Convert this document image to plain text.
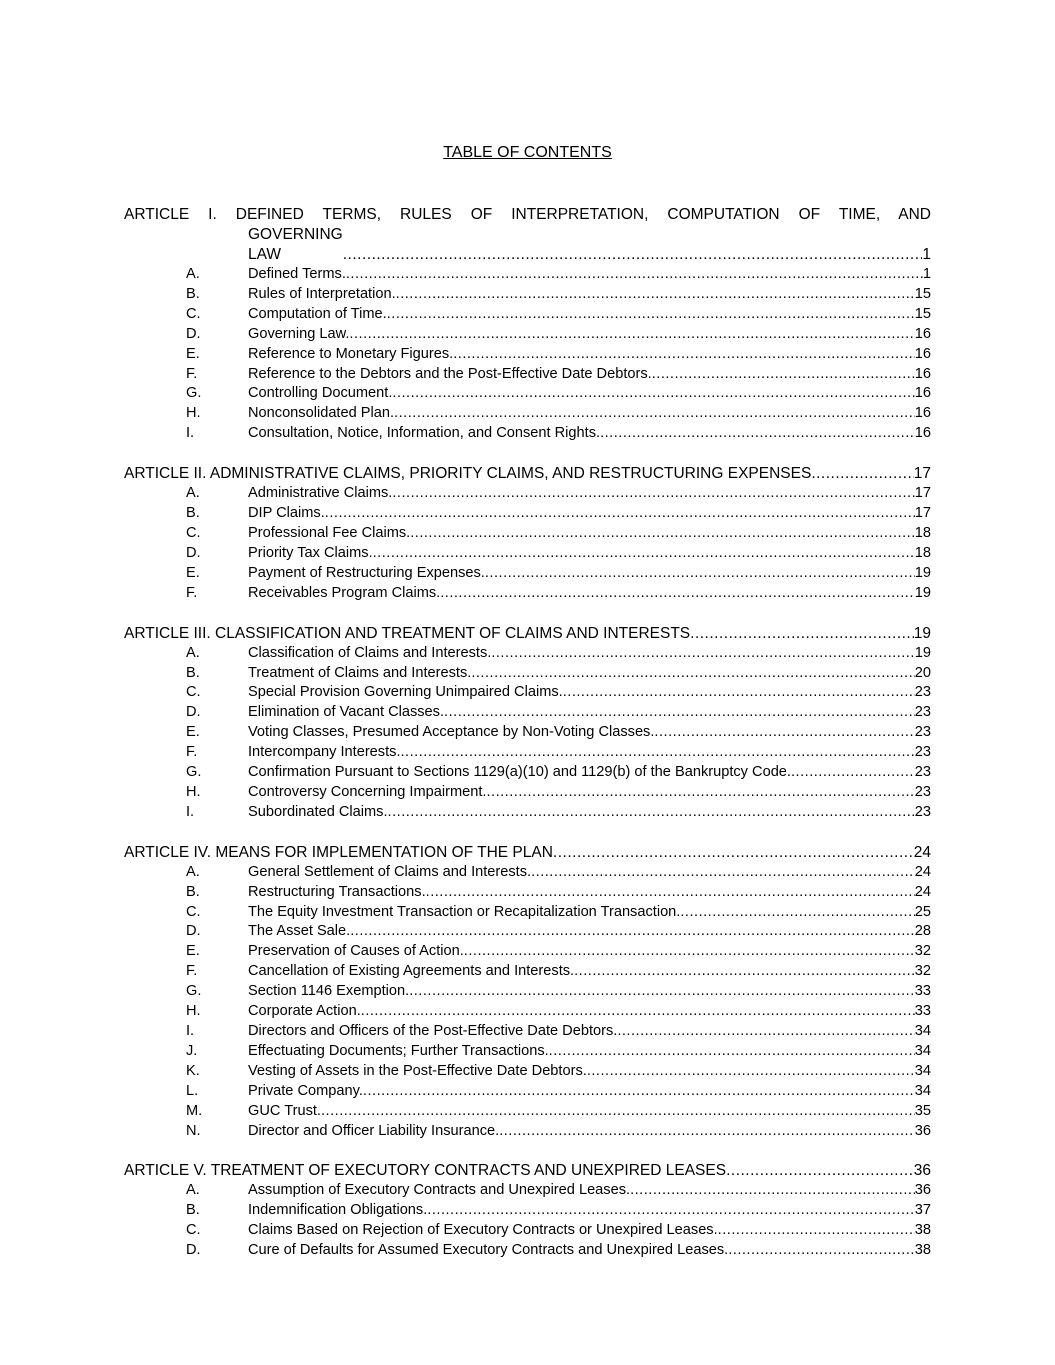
TABLE OF CONTENTS
ARTICLE I. DEFINED TERMS, RULES OF INTERPRETATION, COMPUTATION OF TIME, AND
GOVERNING LAW .....	1
A.	Defined Terms. .....	1
B.	Rules of Interpretation. .....	15
C.	Computation of Time. .....	15
D.	Governing Law. .....	16
E.	Reference to Monetary Figures. .....	16
F.	Reference to the Debtors and the Post-Effective Date Debtors. .....	16
G.	Controlling Document. .....	16
H.	Nonconsolidated Plan. .....	16
I.	Consultation, Notice, Information, and Consent Rights. .....	16
ARTICLE II. ADMINISTRATIVE CLAIMS, PRIORITY CLAIMS, AND RESTRUCTURING EXPENSES .....	17
A.	Administrative Claims. .....	17
B.	DIP Claims. .....	17
C.	Professional Fee Claims. .....	18
D.	Priority Tax Claims. .....	18
E.	Payment of Restructuring Expenses. .....	19
F.	Receivables Program Claims. .....	19
ARTICLE III. CLASSIFICATION AND TREATMENT OF CLAIMS AND INTERESTS .....	19
A.	Classification of Claims and Interests. .....	19
B.	Treatment of Claims and Interests. .....	20
C.	Special Provision Governing Unimpaired Claims. .....	23
D.	Elimination of Vacant Classes. .....	23
E.	Voting Classes, Presumed Acceptance by Non-Voting Classes. .....	23
F.	Intercompany Interests. .....	23
G.	Confirmation Pursuant to Sections 1129(a)(10) and 1129(b) of the Bankruptcy Code. .....	23
H.	Controversy Concerning Impairment. .....	23
I.	Subordinated Claims. .....	23
ARTICLE IV. MEANS FOR IMPLEMENTATION OF THE PLAN .....	24
A.	General Settlement of Claims and Interests. .....	24
B.	Restructuring Transactions. .....	24
C.	The Equity Investment Transaction or Recapitalization Transaction. .....	25
D.	The Asset Sale. .....	28
E.	Preservation of Causes of Action. .....	32
F.	Cancellation of Existing Agreements and Interests. .....	32
G.	Section 1146 Exemption. .....	33
H.	Corporate Action. .....	33
I.	Directors and Officers of the Post-Effective Date Debtors. .....	34
J.	Effectuating Documents; Further Transactions. .....	34
K.	Vesting of Assets in the Post-Effective Date Debtors. .....	34
L.	Private Company. .....	34
M.	GUC Trust. .....	35
N.	Director and Officer Liability Insurance. .....	36
ARTICLE V. TREATMENT OF EXECUTORY CONTRACTS AND UNEXPIRED LEASES .....	36
A.	Assumption of Executory Contracts and Unexpired Leases. .....	36
B.	Indemnification Obligations. .....	37
C.	Claims Based on Rejection of Executory Contracts or Unexpired Leases. .....	38
D.	Cure of Defaults for Assumed Executory Contracts and Unexpired Leases. .....	38
